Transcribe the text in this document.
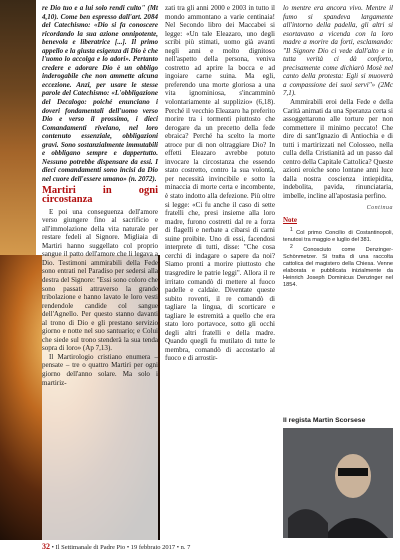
re Dio tuo e a lui solo rendi culto" (Mt 4,10). Come ben espresso dall'art. 2084 del Catechismo: «Dio si fa conoscere ricordando la sua azione onnipotente, benevola e liberatrice [...]. Il primo appello e la giusta esigenza di Dio è che l'uomo lo accolga e lo adori». Pertanto credere e adorare Dio è un obbligo inderogabile che non ammette alcuna eccezione. Anzi, per usare le stesse parole del Catechismo: «L'obbligazione del Decalogo: poiché enunciano i doveri fondamentali dell'uomo verso Dio e verso il prossimo, i dieci Comandamenti rivelano, nel loro contenuto essenziale, obbligazioni gravi. Sono sostanzialmente immutabili e obbligano sempre e dappertutto. Nessuno potrebbe dispensare da essi. I dieci comandamenti sono incisi da Dio nel cuore dell'essere umano» (n. 2072).

Martiri in ogni circostanza

E poi una conseguenza dell'amore verso giungere fino al sacrificio e all'immolazione della vita naturale per restare fedeli al Signore. Migliaia di Martiri hanno suggellato col proprio sangue il patto dell'amore che li legava a Dio. Testimoni ammirabili della Fede sono entrati nel Paradiso per sedersi alla destra del Signore: "Essi sono coloro che sono passati attraverso la grande tribolazione e hanno lavato le loro vesti rendendole candide col sangue dell'Agnello. Per questo stanno davanti al trono di Dio e gli prestano servizio giorno e notte nel suo santuario; e Colui che siede sul trono stenderà la sua tenda sopra di loro» (Ap 7,13).

Il Martirologio cristiano enumera – pensate – tre o quattro Martiri per ogni giorno dell'anno solare. Ma solo i martiriz-

zati tra gli anni 2000 e 2003 in tutto il mondo ammontano a varie centinaia! Nel Secondo libro dei Maccabei si legge: «Un tale Eleazaro, uno degli scribi più stimati, uomo già avanti negli anni e molto dignitoso nell'aspetto della persona, veniva costretto ad aprire la bocca e ad ingoiare carne suina. Ma egli, preferendo una morte gloriosa a una vita ignominiosa, s'incamminò volontariamente al supplizio» (6,18). Perché il vecchio Eleazaro ha preferito morire tra i tormenti piuttosto che derogare da un precetto della fede ebraica? Perché ha scelto la morte atroce pur di non oltraggiare Dio? In effetti Eleazaro avrebbe potuto invocare la circostanza che essendo stato costretto, contro la sua volontà, per necessità invincibile e sotto la minaccia di morte certa e incombente, è stato indotto alla defezione. Più oltre si legge: «Ci fu anche il caso di sette fratelli che, presi insieme alla loro madre, furono costretti dal re a forza di flagelli e nerbate a cibarsi di carni suine proibite. Uno di essi, facendosi interprete di tutti, disse: "Che cosa cerchi di indagare o sapere da noi? Siamo pronti a morire piuttosto che trasgredire le patrie leggi". Allora il re irritato comandò di mettere al fuoco padelle e caldaie. Diventate queste subito roventi, il re comandò di tagliare la lingua, di scorticare e tagliare le estremità a quello che era stato loro portavoce, sotto gli occhi degli altri fratelli e della madre. Quando quegli fu mutilato di tutte le membra, comandò di accostarlo al fuoco e di arrostir-

lo mentre era ancora vivo. Mentre il fumo si spandeva largamente all'intorno della padella, gli altri si esortavano a vicenda con la loro madre a morire da forti, esclamando: "Il Signore Dio ci vede dall'alto e in tutta verità ci dà conforto, precisamente come dichiarò Mosè nel canto della protesta: Egli si muoverà a compassione dei suoi servi"» (2Mc 7,1).

Ammirabili eroi della Fede e della Carità animati da una Speranza certa si assoggettarono alle torture per non commettere il minimo peccato! Che dire di sant'Ignazio di Antiochia e di tutti i martirizzati nel Colosseo, nella culla della Cristianità ad un passo dal centro della Capitale Cattolica? Queste azioni eroiche sono lontane anni luce dalla nostra coscienza intiepidita, indebolita, pavida, rinunciataria, imbelle, incline all'apostasia perfino.

Continua
Note

1 Col primo Concilio di Costantinopoli, tenutosi tra maggio e luglio del 381.

2 Conosciuto come Denzinger-Schönmetzer. Si tratta di una raccolta cattolica del magistero della Chiesa. Venne elaborata e pubblicata inizialmente da Heinrich Joseph Dominicus Denzinger nel 1854.

Il regista Martin Scorsese
32 • Il Settimanale di Padre Pio • 19 febbraio 2017 • n. 7
